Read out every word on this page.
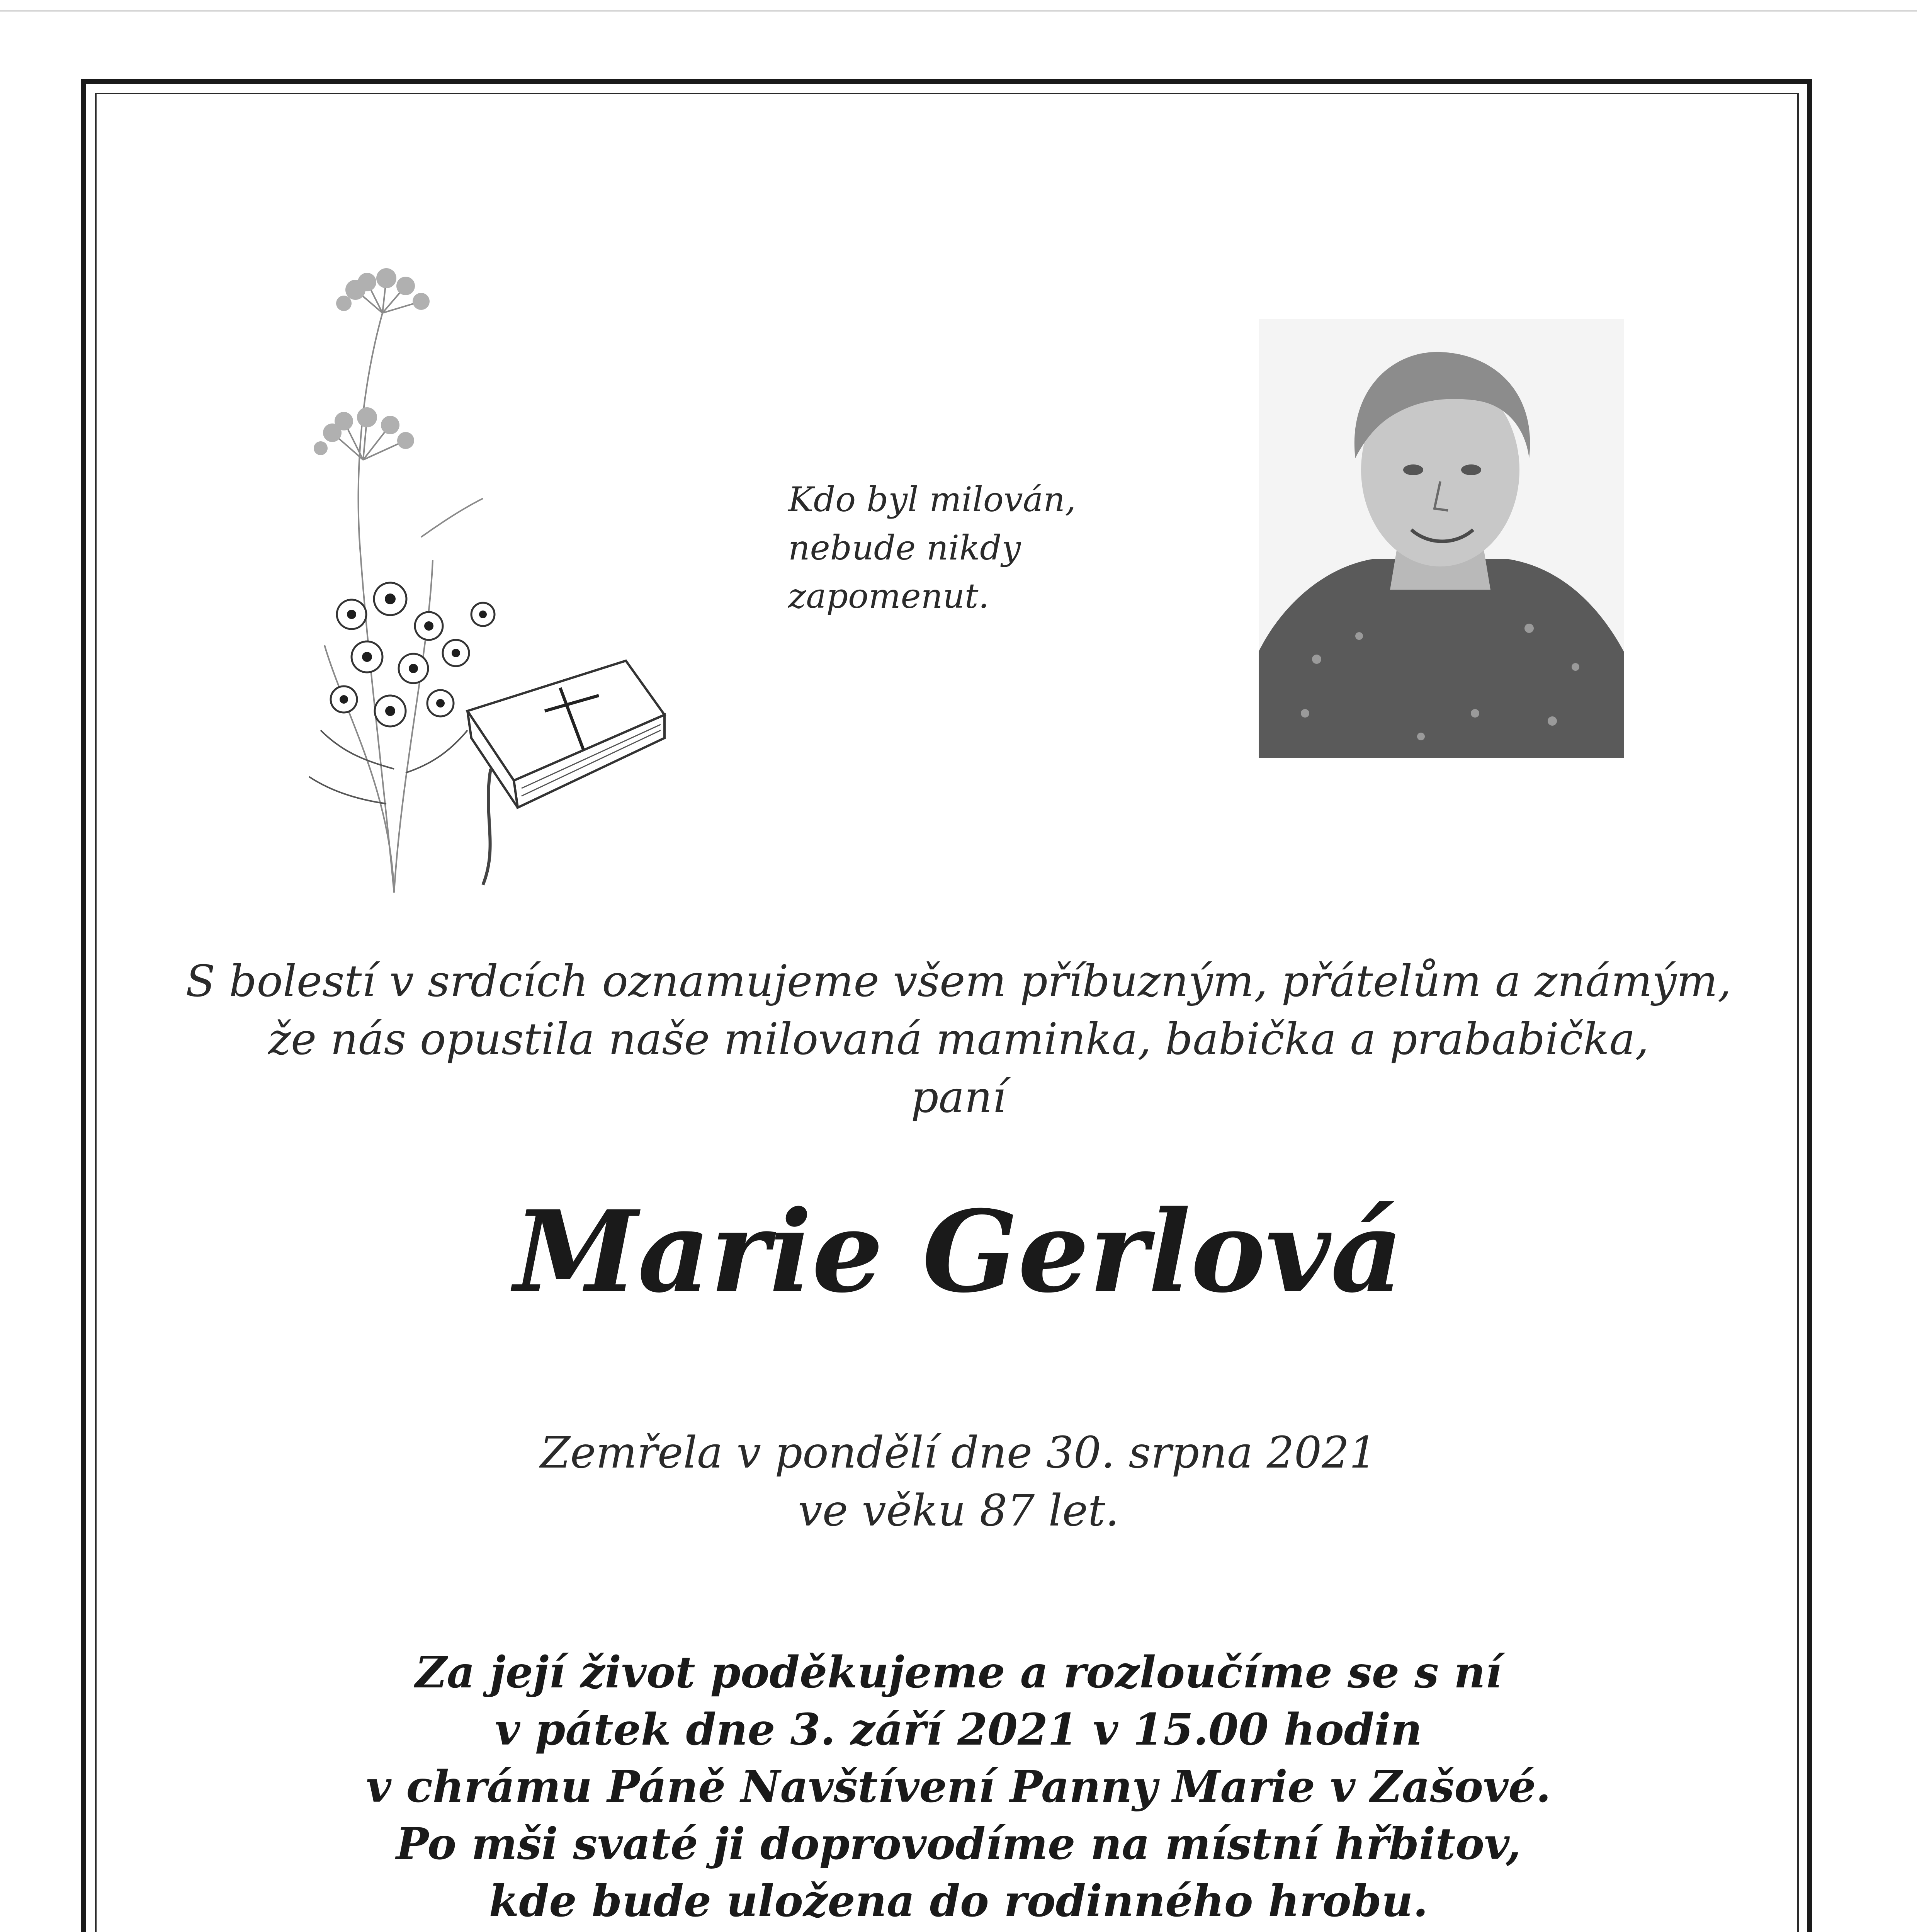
Kdo byl milován,
nebude nikdy zapomenut.
S bolestí v srdcích oznamujeme všem příbuzným, přátelům a známým,
že nás opustila naše milovaná maminka, babička a prababička,
paní
Marie Gerlová
Zemřela v pondělí dne 30. srpna 2021
ve věku 87 let.
Za její život poděkujeme a rozloučíme se s ní
v pátek dne 3. září 2021 v 15.00 hodin
v chrámu Páně Navštívení Panny Marie v Zašové.
Po mši svaté ji doprovodíme na místní hřbitov,
kde bude uložena do rodinného hrobu.
